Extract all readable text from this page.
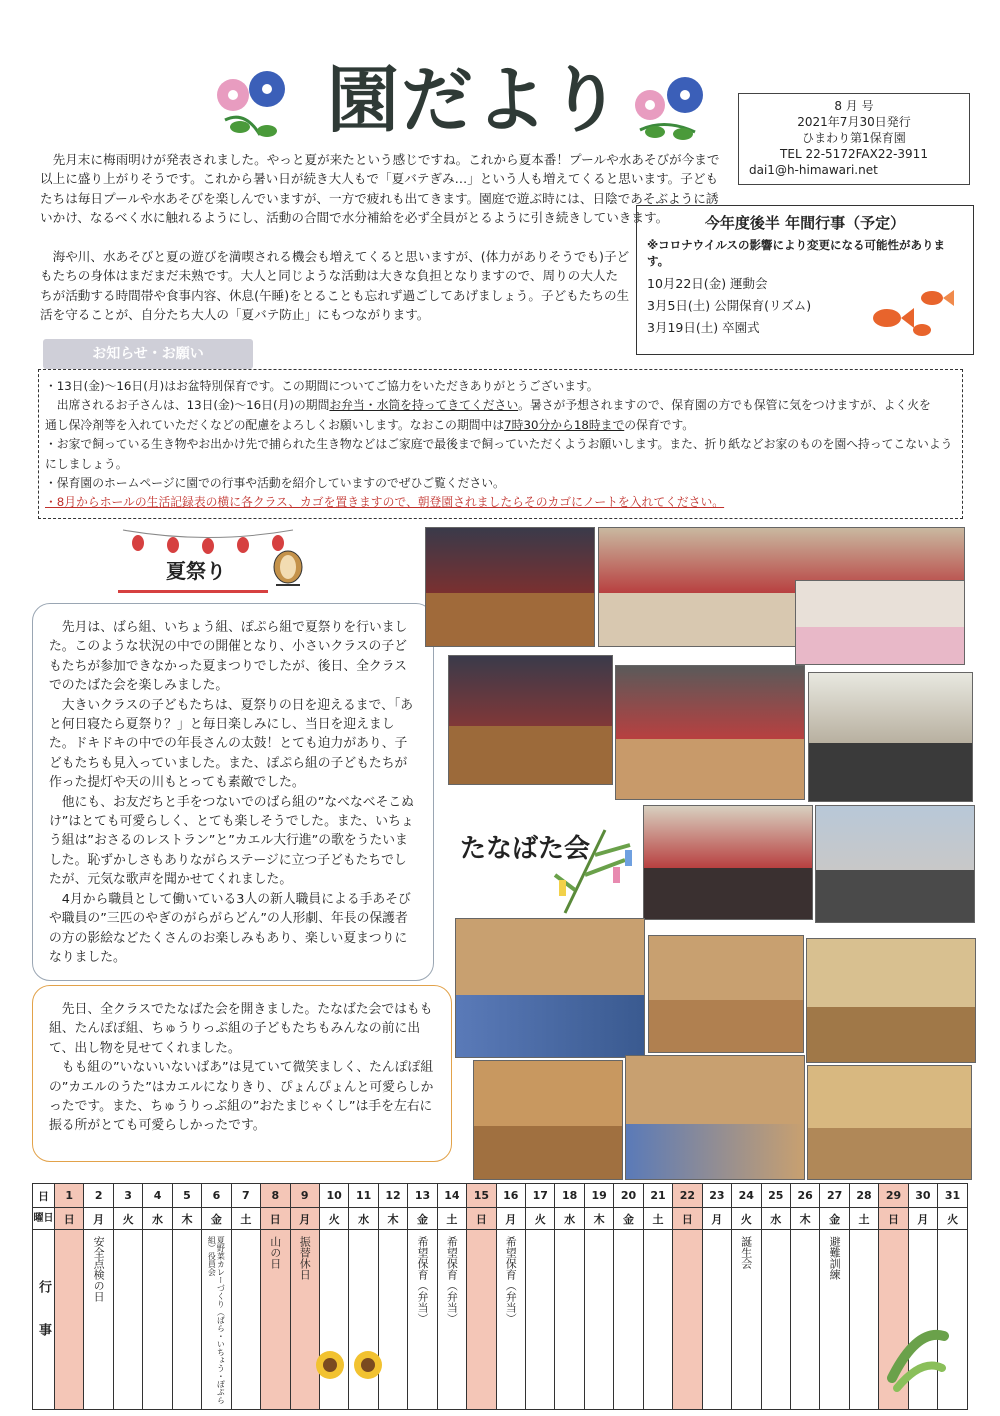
園だより	8 月 号
2021年7月30日発行
ひまわり第1保育園
TEL 22-5172FAX22-3911
dai1@h-himawari.net
先月末に梅雨明けが発表されました。やっと夏が来たという感じですね。これから夏本番！プールや水あそびが今まで以上に盛り上がりそうです。これから暑い日が続き大人もで「夏バテぎみ…」という人も増えてくると思います。子どもたちは毎日プールや水あそびを楽しんでいますが、一方で疲れも出てきます。園庭で遊ぶ時には、日陰であそぶように誘いかけ、なるべく水に触れるようにし、活動の合間で水分補給を必ず全員がとるように引き続きしていきます。
海や川、水あそびと夏の遊びを満喫される機会も増えてくると思いますが、(体力がありそうでも)子どもたちの身体はまだまだ未熟です。大人と同じような活動は大きな負担となりますので、周りの大人たちが活動する時間帯や食事内容、休息(午睡)をとることも忘れず過ごしてあげましょう。子どもたちの生活を守ることが、自分たち大人の「夏バテ防止」にもつながります。
今年度後半 年間行事（予定）
※コロナウイルスの影響により変更になる可能性があります。
10月22日(金) 運動会
3月5日(土) 公開保育(リズム)
3月19日(土) 卒園式
お知らせ・お願い

・13日(金)～16日(月)はお盆特別保育です。この期間についてご協力をいただきありがとうございます。

出席されるお子さんは、13日(金)～16日(月)の期間お弁当・水筒を持ってきてください。暑さが予想されますので、保育園の方でも保管に気をつけますが、よく火を

通し保冷剤等を入れていただくなどの配慮をよろしくお願いします。なおこの期間中は7時30分から18時までの保育です。

・お家で飼っている生き物やお出かけ先で捕られた生き物などはご家庭で最後まで飼っていただくようお願いします。また、折り紙などお家のものを園へ持ってこないようにしましょう。

・保育園のホームページに園での行事や活動を紹介していますのでぜひご覧ください。

・8月からホールの生活記録表の横に各クラス、カゴを置きますので、朝登園されましたらそのカゴにノートを入れてください。

夏祭り

先月は、ばら組、いちょう組、ぽぷら組で夏祭りを行いました。このような状況の中での開催となり、小さいクラスの子どもたちが参加できなかった夏まつりでしたが、後日、全クラスでのたばた会を楽しみました。

大きいクラスの子どもたちは、夏祭りの日を迎えるまで、「あと何日寝たら夏祭り？」と毎日楽しみにし、当日を迎えました。ドキドキの中での年長さんの太鼓！とても迫力があり、子どもたちも見入っていました。また、ぽぷら組の子どもたちが作った提灯や天の川もとっても素敵でした。

他にも、お友だちと手をつないでのばら組の”なべなべそこぬけ”はとても可愛らしく、とても楽しそうでした。また、いちょう組は”おさるのレストラン”と”カエル大行進”の歌をうたいました。恥ずかしさもありながらステージに立つ子どもたちでしたが、元気な歌声を聞かせてくれました。

4月から職員として働いている3人の新人職員による手あそびや職員の”三匹のやぎのがらがらどん”の人形劇、年長の保護者の方の影絵などたくさんのお楽しみもあり、楽しい夏まつりになりました。

たなばた会

先日、全クラスでたなばた会を開きました。たなばた会ではもも組、たんぽぽ組、ちゅうりっぷ組の子どもたちもみんなの前に出て、出し物を見せてくれました。

もも組の”いないいないばあ”は見ていて微笑ましく、たんぽぽ組の”カエルのうた”はカエルになりきり、ぴょんぴょんと可愛らしかったです。また、ちゅうりっぷ組の”おたまじゃくし”は手を左右に振る所がとても可愛らしかったです。

日	1	2	3	4	5	6	7	8	9	10	11	12	13	14	15	16	17	18	19	20	21	22	23	24	25	26	27	28	29	30	31
曜日	日	月	火	水	木	金	土	日	月	火	水	木	金	土	日	月	火	水	木	金	土	日	月	火	水	木	金	土	日	月	火
行事		安全点検の日				夏野菜カレーづくり（ばら・いちょう・ぽぷら組）役員会		山の日	振替休日				希望保育（弁当）	希望保育（弁当）		希望保育（弁当）								誕生会			避難訓練				
